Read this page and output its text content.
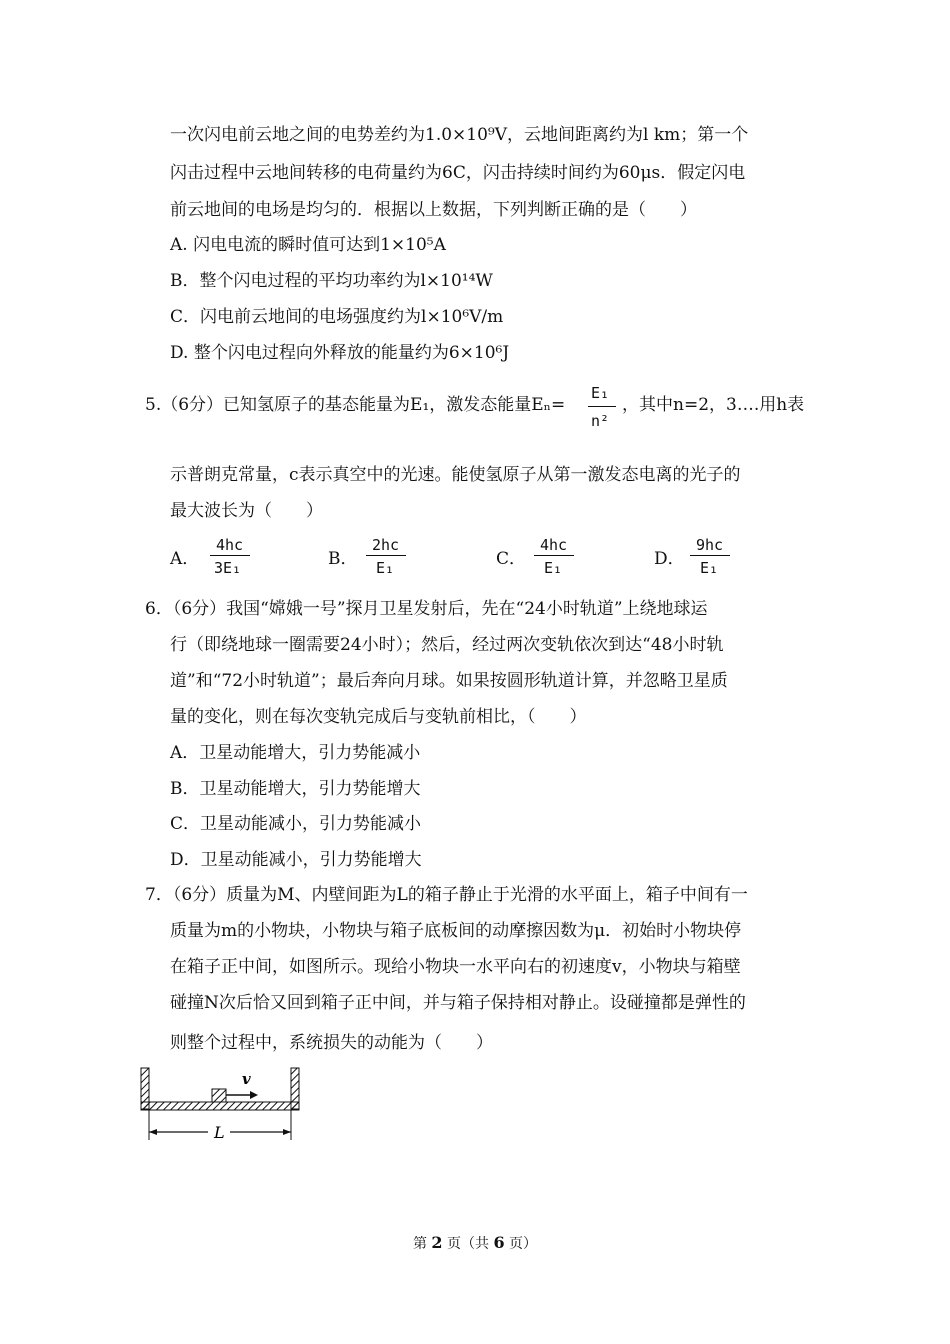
一次闪电前云地之间的电势差约为1.0×10⁹V，云地间距离约为l km；第一个
闪击过程中云地间转移的电荷量约为6C，闪击持续时间约为60μs．假定闪电
前云地间的电场是均匀的．根据以上数据，下列判断正确的是（　　）
A. 闪电电流的瞬时值可达到1×10⁵A
B．整个闪电过程的平均功率约为l×10¹⁴W
C．闪电前云地间的电场强度约为l×10⁶V/m
D. 整个闪电过程向外释放的能量约为6×10⁶J
5.（6分）已知氢原子的基态能量为E₁，激发态能量Eₙ=
E₁
n²
，其中n=2，3….用h表
示普朗克常量，c表示真空中的光速。能使氢原子从第一激发态电离的光子的
最大波长为（　　）
A．
4hc
3E₁	B．
2hc
E₁	C．
4hc
E₁	D．
9hc
E₁
6．（6分）我国“嫦娥一号”探月卫星发射后，先在“24小时轨道”上绕地球运
行（即绕地球一圈需要24小时）；然后，经过两次变轨依次到达“48小时轨
道”和“72小时轨道”；最后奔向月球。如果按圆形轨道计算，并忽略卫星质
量的变化，则在每次变轨完成后与变轨前相比，（　　）
A．卫星动能增大，引力势能减小
B．卫星动能增大，引力势能增大
C．卫星动能减小，引力势能减小
D．卫星动能减小，引力势能增大
7．（6分）质量为M、内壁间距为L的箱子静止于光滑的水平面上，箱子中间有一
质量为m的小物块，小物块与箱子底板间的动摩擦因数为μ．初始时小物块停
在箱子正中间，如图所示。现给小物块一水平向右的初速度v，小物块与箱壁
碰撞N次后恰又回到箱子正中间，并与箱子保持相对静止。设碰撞都是弹性的
则整个过程中，系统损失的动能为（　　）
v
L
第 2 页（共 6 页）
